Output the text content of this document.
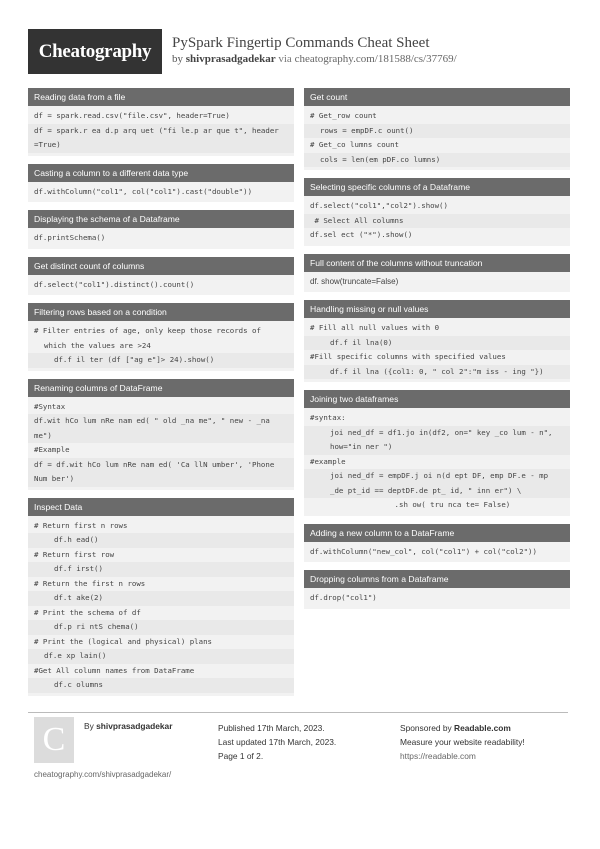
Cheatography PySpark Fingertip Commands Cheat Sheet
by shivprasadgadekar via cheatography.com/181588/cs/37769/
Reading data from a file
df = spark.read.csv("file.csv", header=True)
df = spark.r ea d.p arq uet ("fi le.p ar que t", header =True)
Casting a column to a different data type
df.withColumn("col1", col("col1").cast("double"))
Displaying the schema of a Dataframe
df.printSchema()
Get distinct count of columns
df.select("col1").distinct().count()
Filtering rows based on a condition
# Filter entries of age, only keep those records of
which the values are >24
df.f il ter (df ["ag e"]> 24).show()
Renaming columns of DataFrame
#Syntax
df.wit hCo lum nRe nam ed( " old _na me", " new - _na me")
#Example
df = df.wit hCo lum nRe nam ed( 'Ca llN umber', 'Phone Num ber')
Inspect Data
# Return first n rows
df.h ead()
# Return first row
df.f irst()
# Return the first n rows
df.t ake(2)
# Print the schema of df
df.p ri ntS chema()
# Print the (logical and physical) plans
df.e xp lain()
#Get All column names from DataFrame
df.c olumns
Get count
# Get_row count
rows = empDF.c ount()
# Get_co lumns count
cols = len(em pDF.co lumns)
Selecting specific columns of a Dataframe
df.select("col1","col2").show()
# Select All columns
df.sel ect ("*").show()
Full content of the columns without truncation
df. show(truncate=False)
Handling missing or null values
# Fill all null values with 0
df.f il lna(0)
#Fill specific columns with specified values
df.f il lna ({col1: 0, " col 2":"m iss - ing "})
Joining two dataframes
#syntax:
joi ned_df = df1.jo in(df2, on=" key _co lum - n", how="in ner ")
#example
joi ned_df = empDF.j oi n(d ept DF, emp DF.e - mp _de pt_id == deptDF.de pt_ id, " inn er") \
.sh ow( tru nca te= False)
Adding a new column to a DataFrame
df.withColumn("new_col", col("col1") + col("col2"))
Dropping columns from a Dataframe
df.drop("col1")
C By shivprasadgadekar	Published 17th March, 2023.
Last updated 17th March, 2023.
Page 1 of 2.
Sponsored by Readable.com
Measure your website readability!
https://readable.com
cheatography.com/shivprasadgadekar/
